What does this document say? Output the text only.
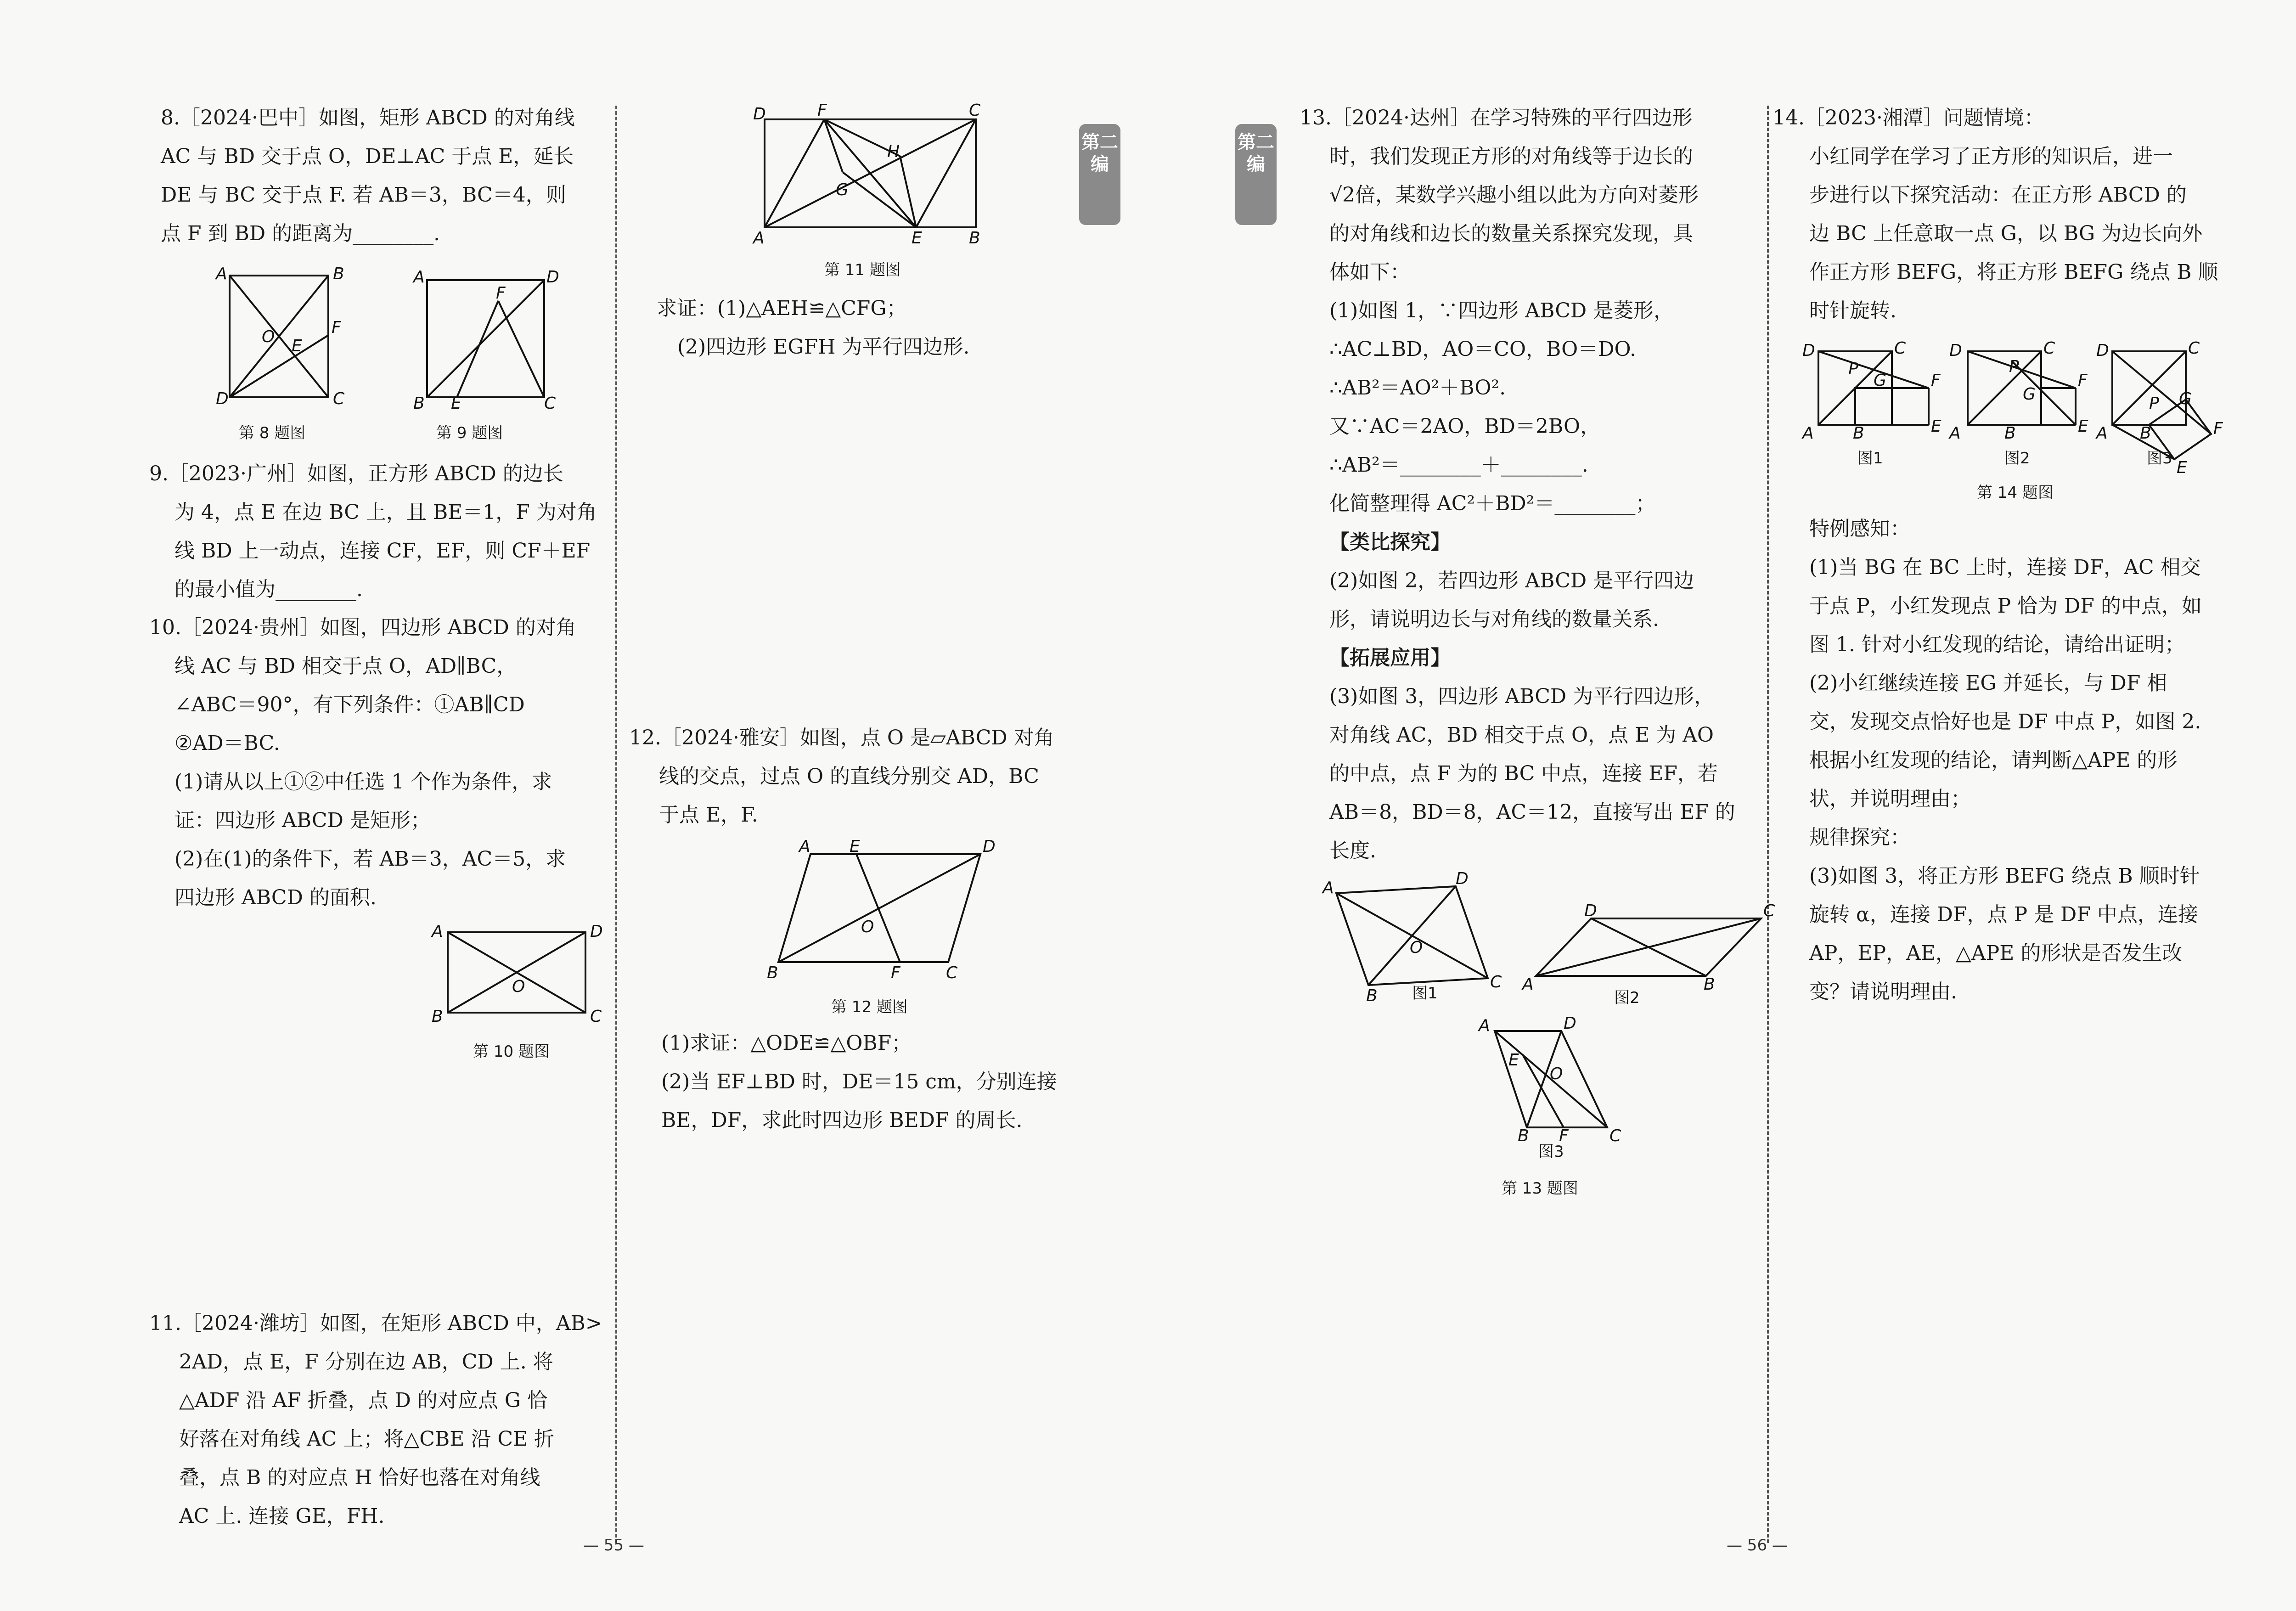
第二编
第二编

8.［2024·巴中］如图，矩形 ABCD 的对角线

AC 与 BD 交于点 O，DE⊥AC 于点 E，延长

DE 与 BC 交于点 F. 若 AB＝3，BC＝4，则

点 F 到 BD 的距离为________.

A	B
D	C
O E
F
第 8 题图
A	D
B	C
E
F
第 9 题图

9.［2023·广州］如图，正方形 ABCD 的边长

为 4，点 E 在边 BC 上，且 BE＝1，F 为对角

线 BD 上一动点，连接 CF，EF，则 CF＋EF

的最小值为________.

10.［2024·贵州］如图，四边形 ABCD 的对角

线 AC 与 BD 相交于点 O，AD∥BC，

∠ABC＝90°，有下列条件：①AB∥CD

②AD＝BC.

(1)请从以上①②中任选 1 个作为条件，求

证：四边形 ABCD 是矩形；

(2)在(1)的条件下，若 AB＝3，AC＝5，求

四边形 ABCD 的面积.

A	D
B	C
O
第 10 题图

11.［2024·潍坊］如图，在矩形 ABCD 中，AB>

2AD，点 E，F 分别在边 AB，CD 上. 将

△ADF 沿 AF 折叠，点 D 的对应点 G 恰

好落在对角线 AC 上；将△CBE 沿 CE 折

叠，点 B 的对应点 H 恰好也落在对角线

AC 上. 连接 GE，FH.

— 55 —
D	F	C
A	E	B
G
H
第 11 题图

求证：(1)△AEH≌△CFG；

(2)四边形 EGFH 为平行四边形.

12.［2024·雅安］如图，点 O 是▱ABCD 对角

线的交点，过点 O 的直线分别交 AD，BC

于点 E，F.

A E	D
B	F	C
O
第 12 题图

(1)求证：△ODE≌△OBF；

(2)当 EF⊥BD 时，DE＝15 cm，分别连接

BE，DF，求此时四边形 BEDF 的周长.

— 56 —

13.［2024·达州］在学习特殊的平行四边形

时，我们发现正方形的对角线等于边长的

√2倍，某数学兴趣小组以此为方向对菱形

的对角线和边长的数量关系探究发现，具

体如下：

(1)如图 1，∵四边形 ABCD 是菱形，

∴AC⊥BD，AO＝CO，BO＝DO.

∴AB²＝AO²＋BO².

又∵AC＝2AO，BD＝2BO，

∴AB²＝________＋________.

化简整理得 AC²＋BD²＝________；

【类比探究】

(2)如图 2，若四边形 ABCD 是平行四边

形，请说明边长与对角线的数量关系.

【拓展应用】

(3)如图 3，四边形 ABCD 为平行四边形，

对角线 AC，BD 相交于点 O，点 E 为 AO

的中点，点 F 为的 BC 中点，连接 EF，若

AB＝8，BD＝8，AC＝12，直接写出 EF 的

长度.

A	D
B
C
O
图1
D	C
A	B
图2
A	D
B F C
E
O
图3
第 13 题图

14.［2023·湘潭］问题情境：

小红同学在学习了正方形的知识后，进一

步进行以下探究活动：在正方形 ABCD 的

边 BC 上任意取一点 G，以 BG 为边长向外

作正方形 BEFG，将正方形 BEFG 绕点 B 顺

时针旋转.

D	C
A B	E
P
G	F
图1
D	C
A	B	E
P
G
F
图2
D	C
A B
P G
F
E
图3
第 14 题图

特例感知：

(1)当 BG 在 BC 上时，连接 DF，AC 相交

于点 P，小红发现点 P 恰为 DF 的中点，如

图 1. 针对小红发现的结论，请给出证明；

(2)小红继续连接 EG 并延长，与 DF 相

交，发现交点恰好也是 DF 中点 P，如图 2.

根据小红发现的结论，请判断△APE 的形

状，并说明理由；

规律探究：

(3)如图 3，将正方形 BEFG 绕点 B 顺时针

旋转 α，连接 DF，点 P 是 DF 中点，连接

AP，EP，AE，△APE 的形状是否发生改

变？请说明理由.
